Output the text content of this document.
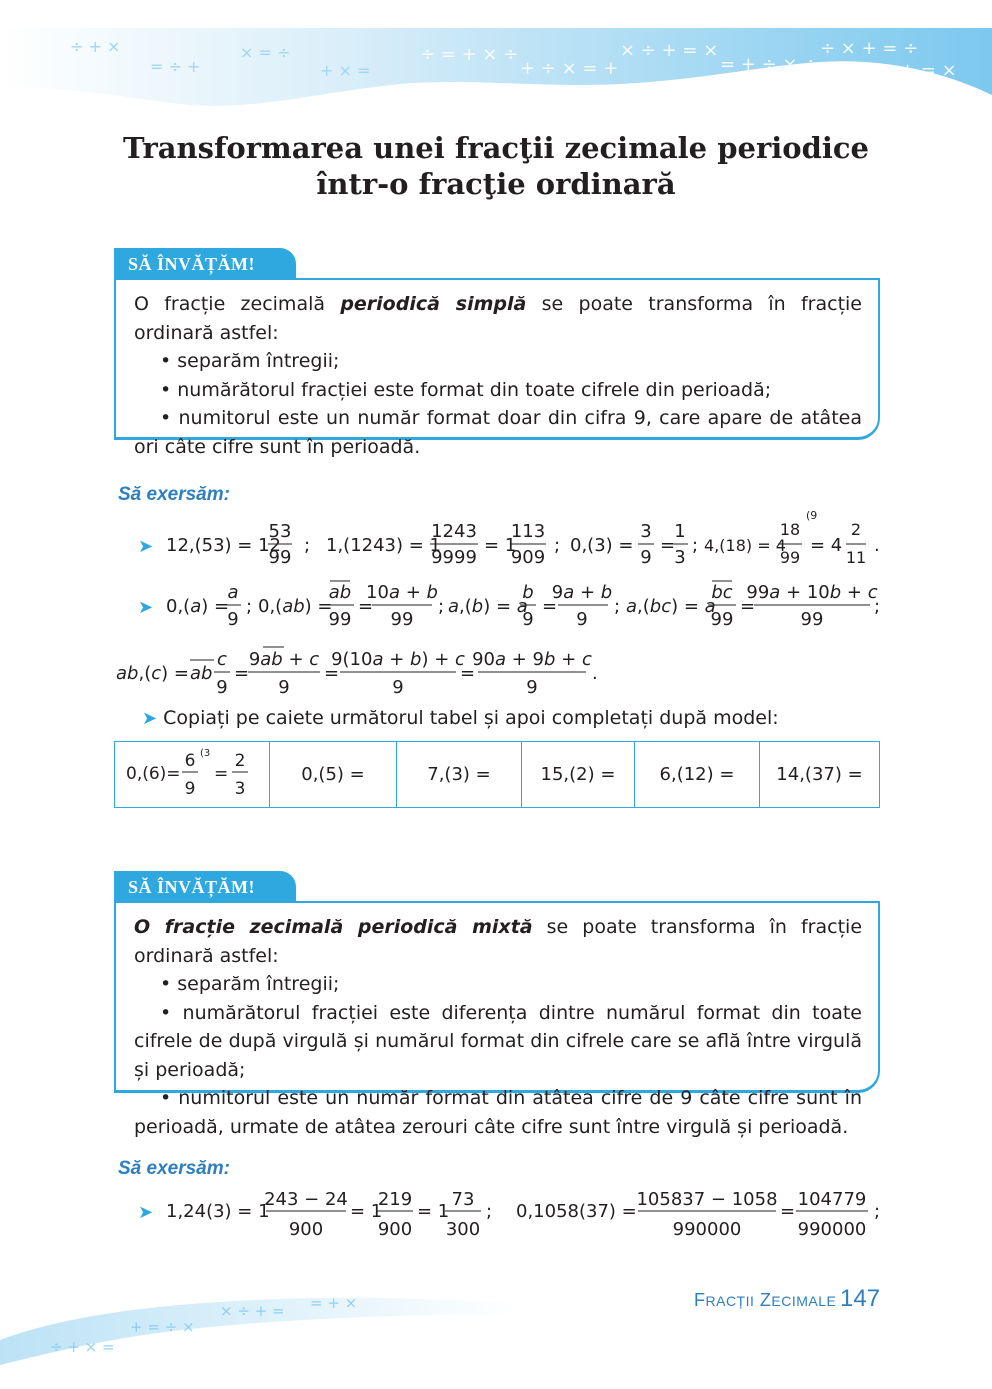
÷ = + × ÷
+ ÷ × = +
× ÷ + = ×
= + ÷ × ÷
÷ × + = ÷
+ = ×
÷ + ×
= ÷ +
× = ÷
+ × =
Transformarea unei fracţii zecimale periodice
într-o fracţie ordinară
SĂ ÎNVĂȚĂM!

O fracție zecimală periodică simplă se poate transforma în fracție ordinară astfel:

• separăm întregii;

• numărătorul fracției este format din toate cifrele din perioadă;

• numitorul este un număr format doar din cifra 9, care apare de atâtea ori câte cifre sunt în perioadă.

Să exersăm:
➤ 12,(53) = 12
53
99
; 1,(1243) = 1
1243
9999
= 1
113
909
; 0,(3) =
3
9
=
1
3
; 4,(18) = 4
18
(9
99
= 4
2
11
.
➤ 0,(a) =
a
9
; 0,(ab) =
ab
99
=
10a + b
99
; a,(b) = a
b
9
=
9a + b
9
; a,(bc) = a
bc
99
=
99a + 10b + c
99
;
ab,(c) = ab
c
9
=
9ab + c
9
=
9(10a + b) + c
9
=
90a + 9b + c
9
.
➤ Copiați pe caiete următorul tabel și apoi completați după model:
0,(6)=
6
9
(3
=
2
3
	0,(5) =	7,(3) =	15,(2) =	6,(12) =	14,(37) =
SĂ ÎNVĂȚĂM!

O fracție zecimală periodică mixtă se poate transforma în fracție ordinară astfel:

• separăm întregii;

• numărătorul fracției este diferența dintre numărul format din toate cifrele de după virgulă și numărul format din cifrele care se află între virgulă și perioadă;

• numitorul este un număr format din atâtea cifre de 9 câte cifre sunt în perioadă, urmate de atâtea zerouri câte cifre sunt între virgulă și perioadă.

Să exersăm:
➤ 1,24(3) = 1
243 − 24
900
= 1
219
900
= 1
73
300
; 0,1058(37) =
105837 − 1058
990000
=
104779
990000
;
÷ + × =
+ = ÷ ×
× ÷ + = = + ×	FRACȚII ZECIMALE 147
